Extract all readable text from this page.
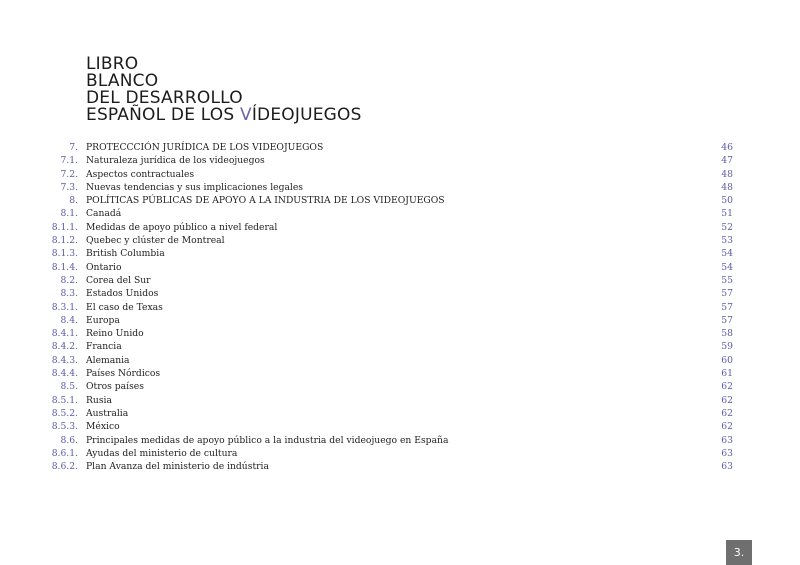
LIBRO
BLANCO
DEL DESARROLLO
ESPAÑOL DE LOS VÍDEOJUEGOS
7. PROTECCCIÓN JURÍDICA DE LOS VIDEOJUEGOS	46
7.1. Naturaleza jurídica de los videojuegos	47
7.2. Aspectos contractuales	48
7.3. Nuevas tendencias y sus implicaciones legales	48
8. POLÍTICAS PÚBLICAS DE APOYO A LA INDUSTRIA DE LOS VIDEOJUEGOS	50
8.1. Canadá	51
8.1.1. Medidas de apoyo público a nivel federal	52
8.1.2. Quebec y clúster de Montreal	53
8.1.3. British Columbia	54
8.1.4. Ontario	54
8.2. Corea del Sur	55
8.3. Estados Unidos	57
8.3.1. El caso de Texas	57
8.4. Europa	57
8.4.1. Reino Unido	58
8.4.2. Francia	59
8.4.3. Alemania	60
8.4.4. Países Nórdicos	61
8.5. Otros países	62
8.5.1. Rusia	62
8.5.2. Australia	62
8.5.3. México	62
8.6. Principales medidas de apoyo público a la industria del videojuego en España	63
8.6.1. Ayudas del ministerio de cultura	63
8.6.2. Plan Avanza del ministerio de indústria	63
3.
